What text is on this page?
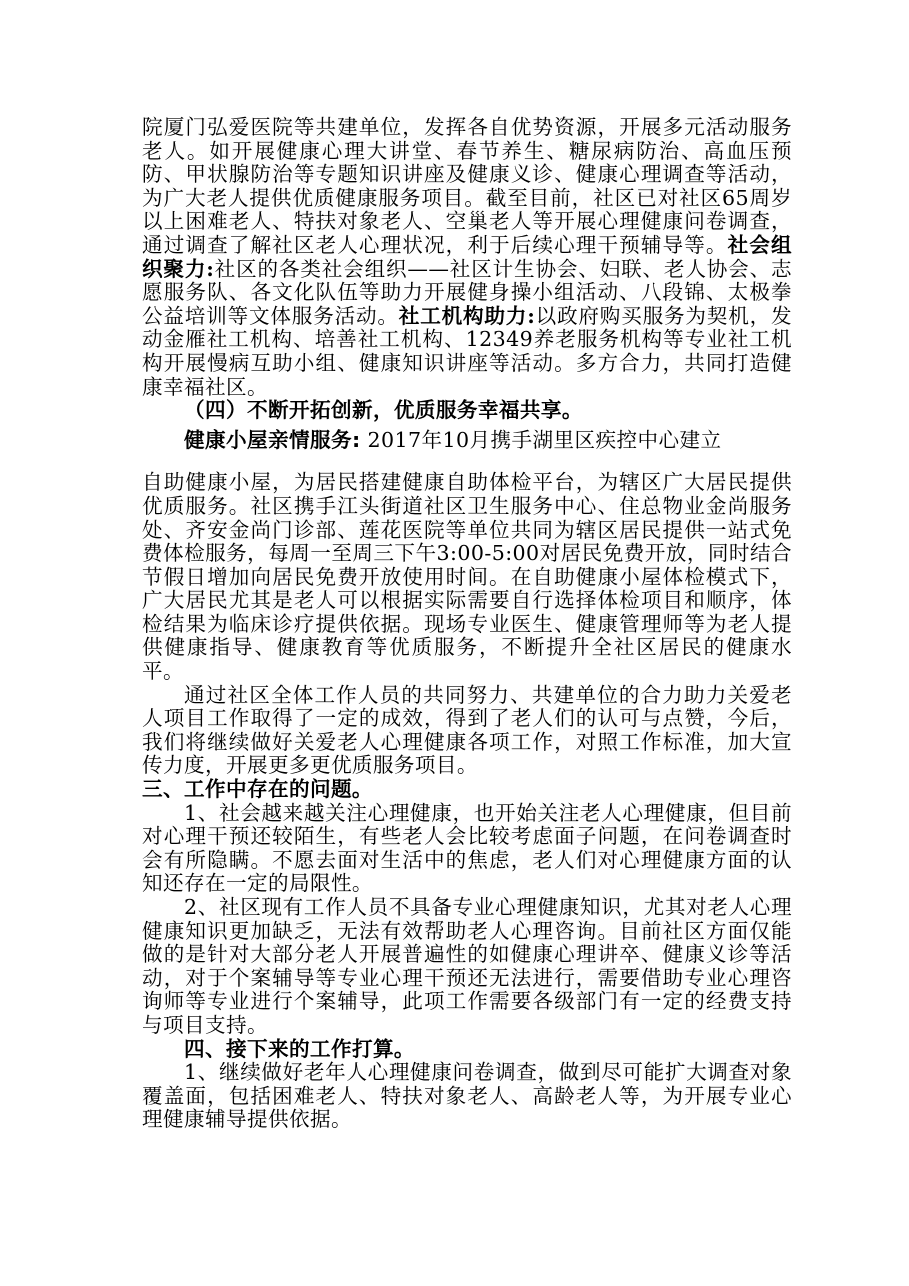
院厦门弘爱医院等共建单位，发挥各自优势资源，开展多元活动服务老人。如开展健康心理大讲堂、春节养生、糖尿病防治、高血压预防、甲状腺防治等专题知识讲座及健康义诊、健康心理调查等活动，为广大老人提供优质健康服务项目。截至目前，社区已对社区65周岁以上困难老人、特扶对象老人、空巢老人等开展心理健康问卷调查，通过调查了解社区老人心理状况，利于后续心理干预辅导等。社会组织聚力:社区的各类社会组织——社区计生协会、妇联、老人协会、志愿服务队、各文化队伍等助力开展健身操小组活动、八段锦、太极拳公益培训等文体服务活动。社工机构助力:以政府购买服务为契机，发动金雁社工机构、培善社工机构、12349养老服务机构等专业社工机构开展慢病互助小组、健康知识讲座等活动。多方合力，共同打造健康幸福社区。

（四）不断开拓创新，优质服务幸福共享。

健康小屋亲情服务: 2017年10月携手湖里区疾控中心建立

自助健康小屋，为居民搭建健康自助体检平台，为辖区广大居民提供优质服务。社区携手江头街道社区卫生服务中心、住总物业金尚服务处、齐安金尚门诊部、莲花医院等单位共同为辖区居民提供一站式免费体检服务，每周一至周三下午3:00-5:00对居民免费开放，同时结合节假日增加向居民免费开放使用时间。在自助健康小屋体检模式下，广大居民尤其是老人可以根据实际需要自行选择体检项目和顺序，体检结果为临床诊疗提供依据。现场专业医生、健康管理师等为老人提供健康指导、健康教育等优质服务，不断提升全社区居民的健康水平。

通过社区全体工作人员的共同努力、共建单位的合力助力关爱老人项目工作取得了一定的成效，得到了老人们的认可与点赞，今后，我们将继续做好关爱老人心理健康各项工作，对照工作标准，加大宣传力度，开展更多更优质服务项目。

三、工作中存在的问题。

1、社会越来越关注心理健康，也开始关注老人心理健康，但目前对心理干预还较陌生，有些老人会比较考虑面子问题，在问卷调查时会有所隐瞒。不愿去面对生活中的焦虑，老人们对心理健康方面的认知还存在一定的局限性。

2、社区现有工作人员不具备专业心理健康知识，尤其对老人心理健康知识更加缺乏，无法有效帮助老人心理咨询。目前社区方面仅能做的是针对大部分老人开展普遍性的如健康心理讲卒、健康义诊等活动，对于个案辅导等专业心理干预还无法进行，需要借助专业心理咨询师等专业进行个案辅导，此项工作需要各级部门有一定的经费支持与项目支持。

四、接下来的工作打算。

1、继续做好老年人心理健康问卷调查，做到尽可能扩大调查对象覆盖面，包括困难老人、特扶对象老人、高龄老人等，为开展专业心理健康辅导提供依据。
